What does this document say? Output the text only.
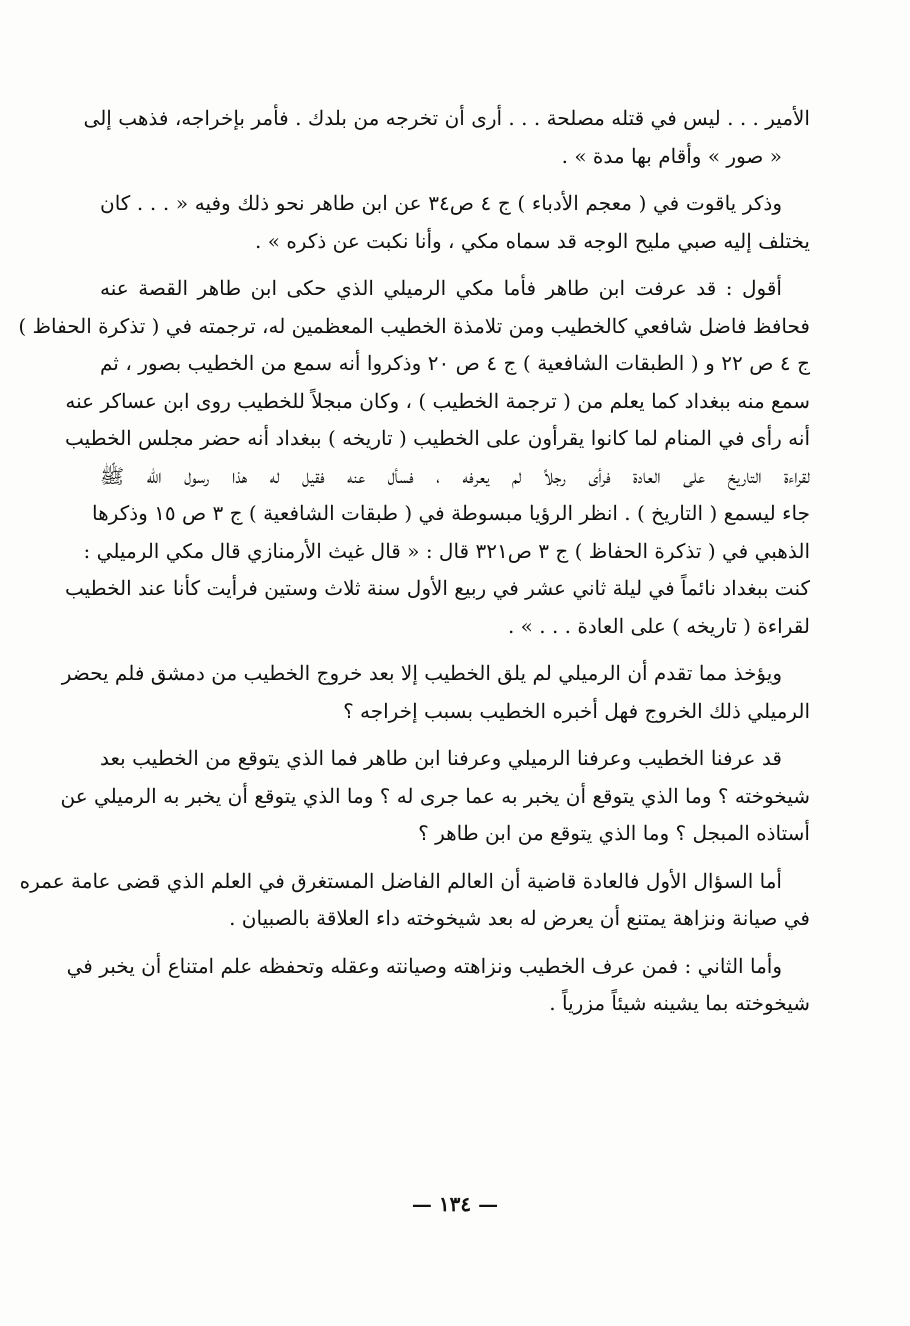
الأمير . . . ليس في قتله مصلحة . . . أرى أن تخرجه من بلدك . فأمر بإخراجه، فذهب إلى
« صور » وأقام بها مدة » .

وذكر ياقوت في ( معجم الأدباء ) ج ٤ ص٣٤ عن ابن طاهر نحو ذلك وفيه « . . . كان
يختلف إليه صبي مليح الوجه قد سماه مكي ، وأنا نكبت عن ذكره » .

أقول : قد عرفت ابن طاهر فأما مكي الرميلي الذي حكى ابن طاهر القصة عنه
فحافظ فاضل شافعي كالخطيب ومن تلامذة الخطيب المعظمين له، ترجمته في ( تذكرة الحفاظ )
ج ٤ ص ٢٢ و ( الطبقات الشافعية ) ج ٤ ص ٢٠ وذكروا أنه سمع من الخطيب بصور ، ثم
سمع منه ببغداد كما يعلم من ( ترجمة الخطيب ) ، وكان مبجلاً للخطيب روى ابن عساكر عنه
أنه رأى في المنام لما كانوا يقرأون على الخطيب ( تاريخه ) ببغداد أنه حضر مجلس الخطيب
لقراءة التاريخ على العادة فرأى رجلاً لم يعرفه ، فسأل عنه فقيل له هذا رسول الله ﷺ
جاء ليسمع ( التاريخ ) . انظر الرؤيا مبسوطة في ( طبقات الشافعية ) ج ٣ ص ١٥ وذكرها
الذهبي في ( تذكرة الحفاظ ) ج ٣ ص٣٢١ قال : « قال غيث الأرمنازي قال مكي الرميلي :
كنت ببغداد نائماً في ليلة ثاني عشر في ربيع الأول سنة ثلاث وستين فرأيت كأنا عند الخطيب
لقراءة ( تاريخه ) على العادة . . . » .

ويؤخذ مما تقدم أن الرميلي لم يلق الخطيب إلا بعد خروج الخطيب من دمشق فلم يحضر
الرميلي ذلك الخروج فهل أخبره الخطيب بسبب إخراجه ؟

قد عرفنا الخطيب وعرفنا الرميلي وعرفنا ابن طاهر فما الذي يتوقع من الخطيب بعد
شيخوخته ؟ وما الذي يتوقع أن يخبر به عما جرى له ؟ وما الذي يتوقع أن يخبر به الرميلي عن
أستاذه المبجل ؟ وما الذي يتوقع من ابن طاهر ؟

أما السؤال الأول فالعادة قاضية أن العالم الفاضل المستغرق في العلم الذي قضى عامة عمره
في صيانة ونزاهة يمتنع أن يعرض له بعد شيخوخته داء العلاقة بالصبيان .

وأما الثاني : فمن عرف الخطيب ونزاهته وصيانته وعقله وتحفظه علم امتناع أن يخبر في
شيخوخته بما يشينه شيئاً مزرياً .

— ١٣٤ —
